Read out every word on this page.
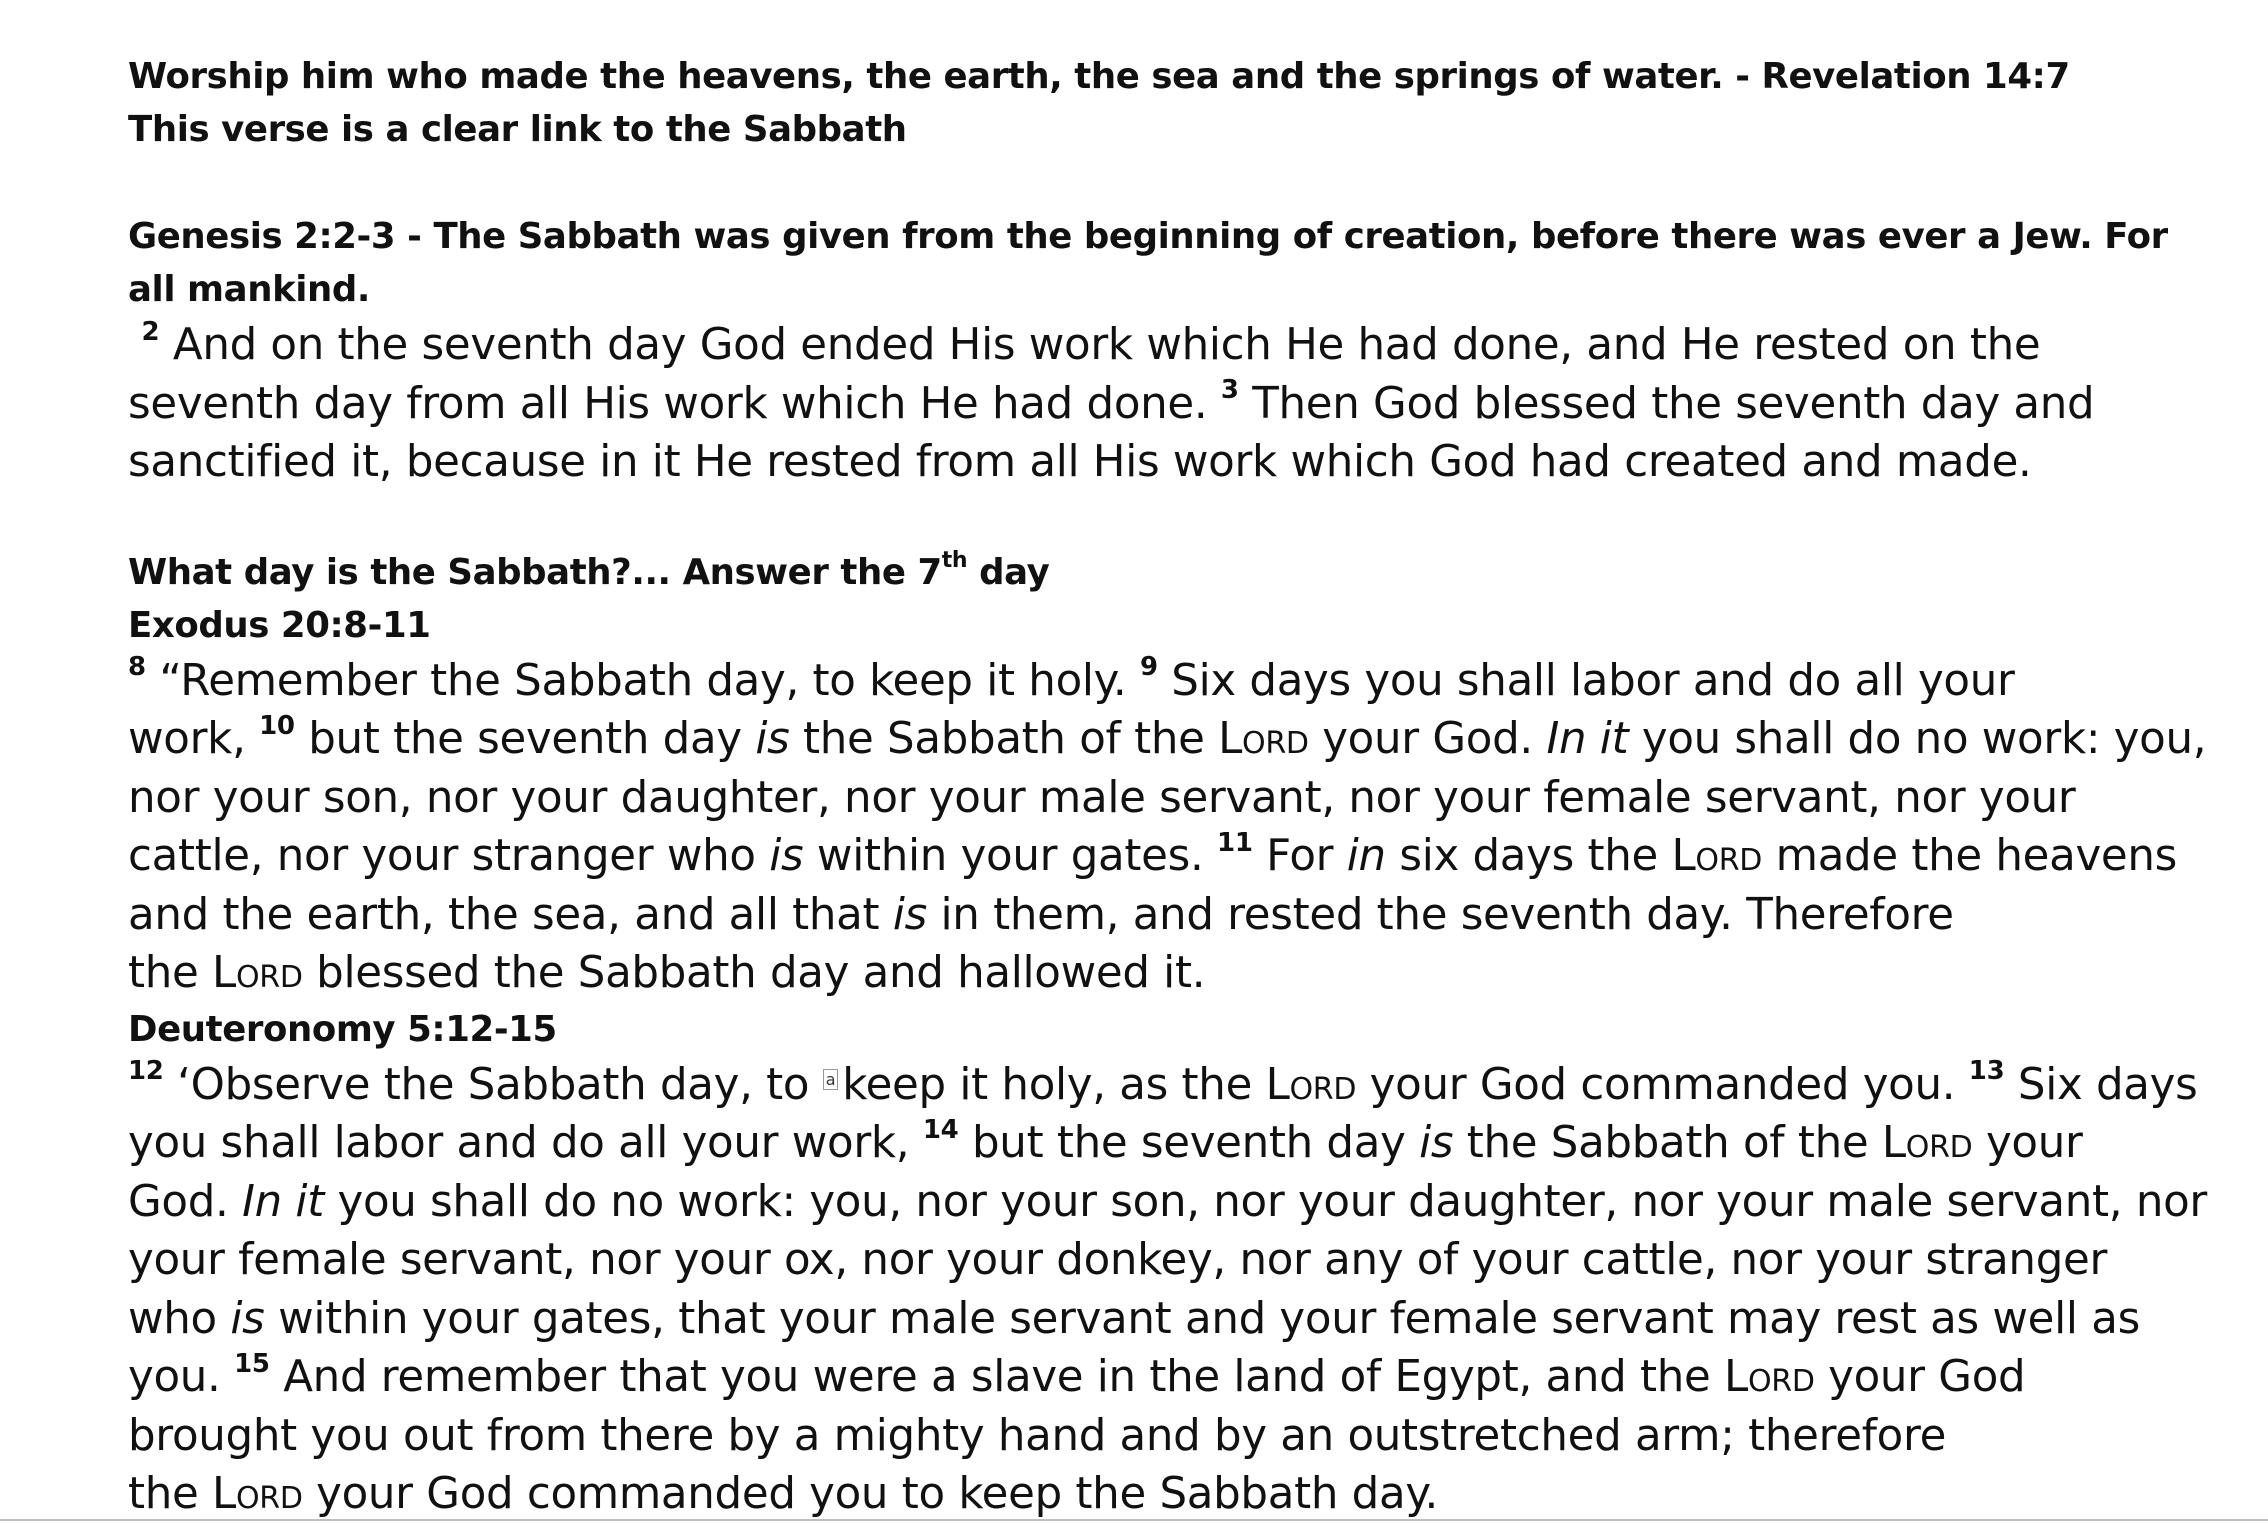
Worship him who made the heavens, the earth, the sea and the springs of water. - Revelation 14:7
This verse is a clear link to the Sabbath
Genesis 2:2-3 - The Sabbath was given from the beginning of creation, before there was ever a Jew. For
all mankind.
$^2$ And on the seventh day God ended His work which He had done, and He rested on the
seventh day from all His work which He had done. $^3$ Then God blessed the seventh day and
sanctified it, because in it He rested from all His work which God had created and made.
What day is the Sabbath?... Answer the 7th day
Exodus 20:8-11
$^8$ “Remember the Sabbath day, to keep it holy. $^9$ Six days you shall labor and do all your
work, $^{10}$ but the seventh day is the Sabbath of the Lord your God. In it you shall do no work: you,
nor your son, nor your daughter, nor your male servant, nor your female servant, nor your
cattle, nor your stranger who is within your gates. $^{11}$ For in six days the Lord made the heavens
and the earth, the sea, and all that is in them, and rested the seventh day. Therefore
the Lord blessed the Sabbath day and hallowed it.
Deuteronomy 5:12-15
$^{12}$ ‘Observe the Sabbath day, to $^a$ keep it holy, as the Lord your God commanded you. $^{13}$ Six days
you shall labor and do all your work, $^{14}$ but the seventh day is the Sabbath of the Lord your
God. In it you shall do no work: you, nor your son, nor your daughter, nor your male servant, nor
your female servant, nor your ox, nor your donkey, nor any of your cattle, nor your stranger
who is within your gates, that your male servant and your female servant may rest as well as
you. $^{15}$ And remember that you were a slave in the land of Egypt, and the Lord your God
brought you out from there by a mighty hand and by an outstretched arm; therefore
the Lord your God commanded you to keep the Sabbath day.
